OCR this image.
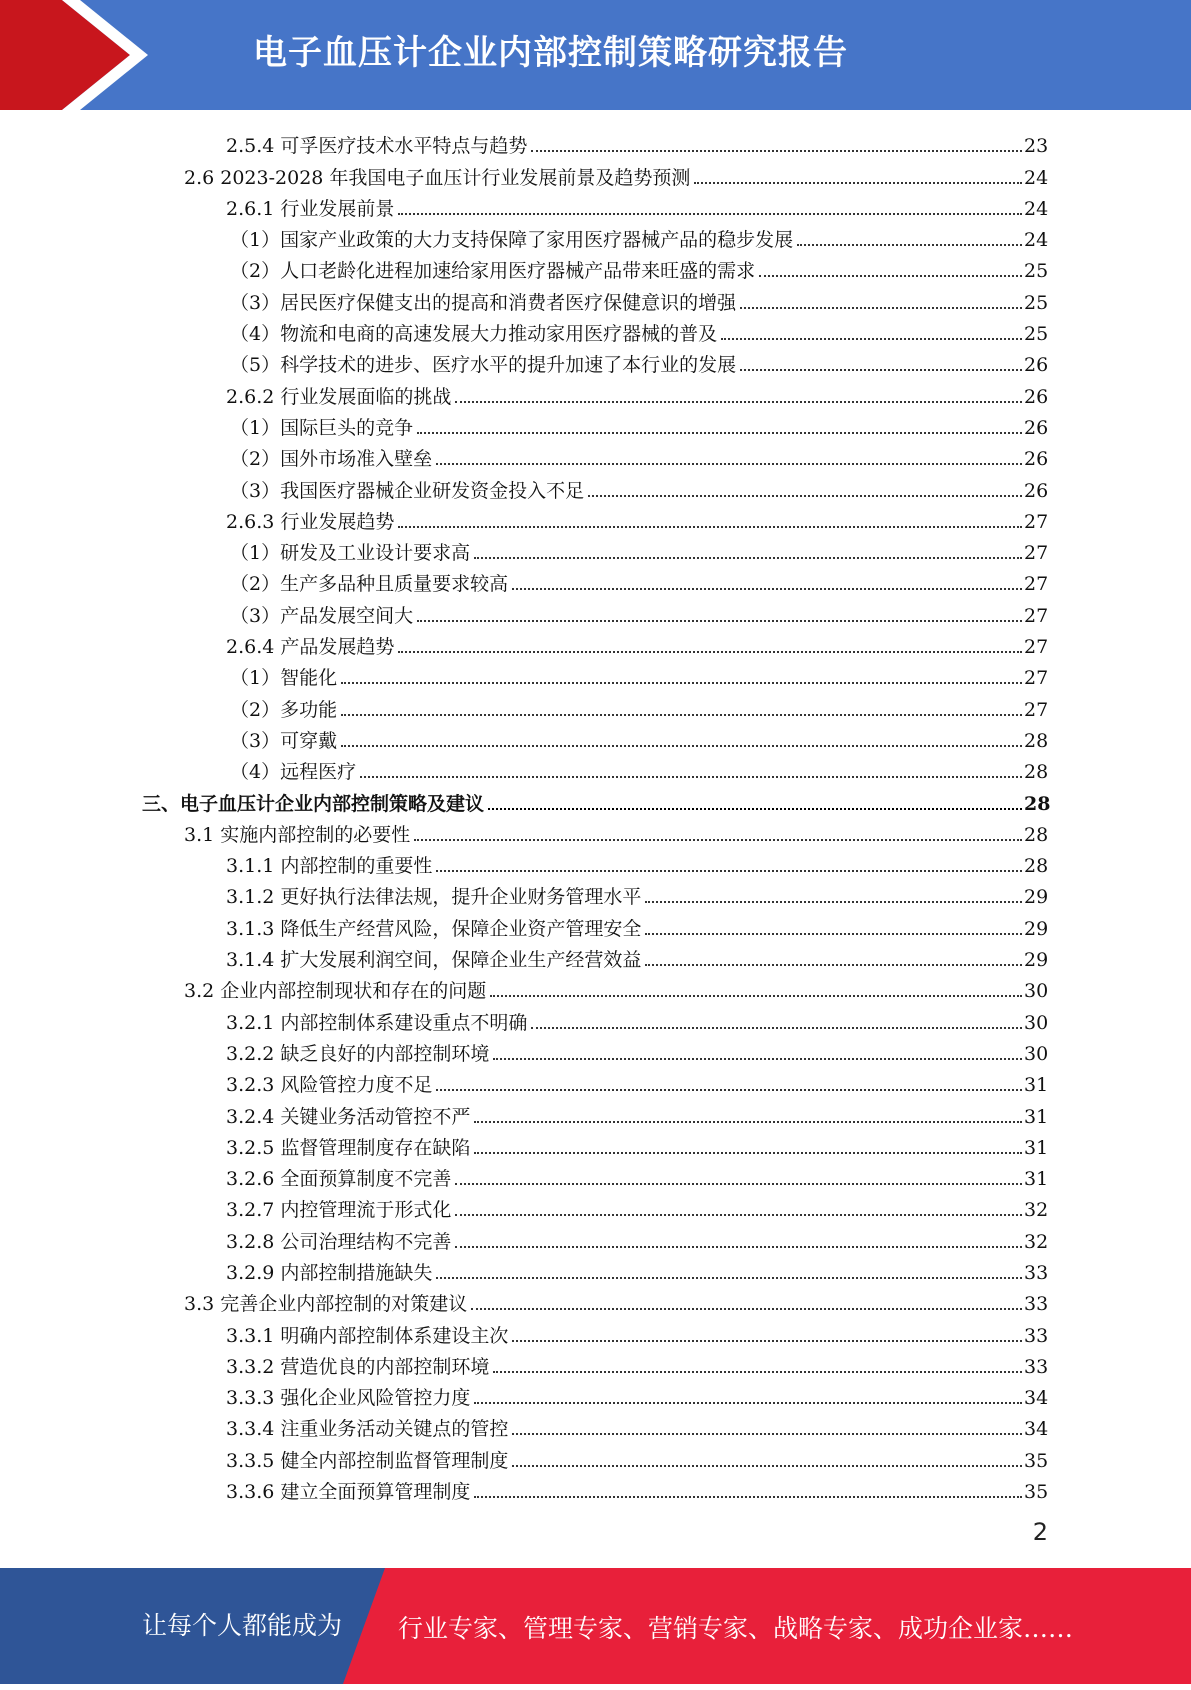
电子血压计企业内部控制策略研究报告
2.5.4 可孚医疗技术水平特点与趋势	23
2.6 2023-2028 年我国电子血压计行业发展前景及趋势预测	24
2.6.1 行业发展前景	24
（1）国家产业政策的大力支持保障了家用医疗器械产品的稳步发展	24
（2）人口老龄化进程加速给家用医疗器械产品带来旺盛的需求	25
（3）居民医疗保健支出的提高和消费者医疗保健意识的增强	25
（4）物流和电商的高速发展大力推动家用医疗器械的普及	25
（5）科学技术的进步、医疗水平的提升加速了本行业的发展	26
2.6.2 行业发展面临的挑战	26
（1）国际巨头的竞争	26
（2）国外市场准入壁垒	26
（3）我国医疗器械企业研发资金投入不足	26
2.6.3 行业发展趋势	27
（1）研发及工业设计要求高	27
（2）生产多品种且质量要求较高	27
（3）产品发展空间大	27
2.6.4 产品发展趋势	27
（1）智能化	27
（2）多功能	27
（3）可穿戴	28
（4）远程医疗	28
三、电子血压计企业内部控制策略及建议	28
3.1 实施内部控制的必要性	28
3.1.1 内部控制的重要性	28
3.1.2 更好执行法律法规，提升企业财务管理水平	29
3.1.3 降低生产经营风险，保障企业资产管理安全	29
3.1.4 扩大发展利润空间，保障企业生产经营效益	29
3.2 企业内部控制现状和存在的问题	30
3.2.1 内部控制体系建设重点不明确	30
3.2.2 缺乏良好的内部控制环境	30
3.2.3 风险管控力度不足	31
3.2.4 关键业务活动管控不严	31
3.2.5 监督管理制度存在缺陷	31
3.2.6 全面预算制度不完善	31
3.2.7 内控管理流于形式化	32
3.2.8 公司治理结构不完善	32
3.2.9 内部控制措施缺失	33
3.3 完善企业内部控制的对策建议	33
3.3.1 明确内部控制体系建设主次	33
3.3.2 营造优良的内部控制环境	33
3.3.3 强化企业风险管控力度	34
3.3.4 注重业务活动关键点的管控	34
3.3.5 健全内部控制监督管理制度	35
3.3.6 建立全面预算管理制度	35
2
让每个人都能成为 行业专家、管理专家、营销专家、战略专家、成功企业家……
